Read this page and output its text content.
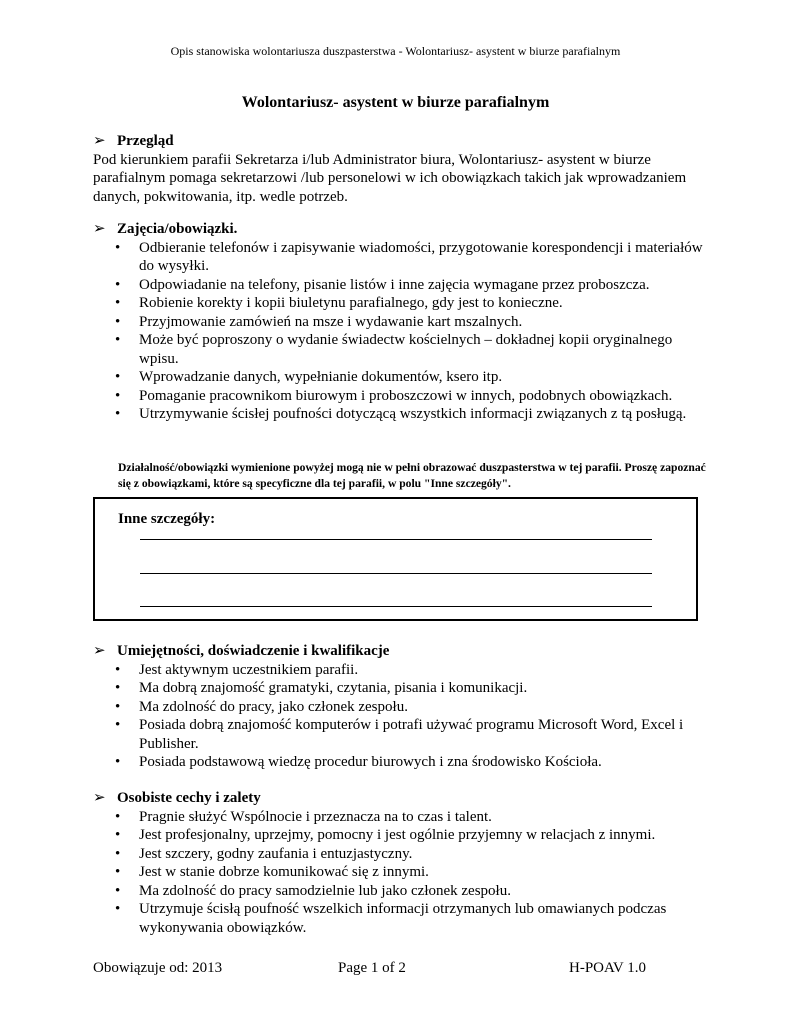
Opis stanowiska wolontariusza duszpasterstwa - Wolontariusz- asystent w biurze parafialnym
Wolontariusz- asystent w biurze parafialnym
➢ Przegląd
Pod kierunkiem parafii Sekretarza i/lub Administrator biura, Wolontariusz- asystent w biurze parafialnym pomaga sekretarzowi /lub personelowi w ich obowiązkach takich jak wprowadzaniem danych, pokwitowania, itp. wedle potrzeb.
➢ Zajęcia/obowiązki.
• Odbieranie telefonów i zapisywanie wiadomości, przygotowanie korespondencji i materiałów do wysyłki.
• Odpowiadanie na telefony, pisanie listów i inne zajęcia wymagane przez proboszcza.
• Robienie korekty i kopii biuletynu parafialnego, gdy jest to konieczne.
• Przyjmowanie zamówień na msze i wydawanie kart mszalnych.
• Może być poproszony o wydanie świadectw kościelnych – dokładnej kopii oryginalnego wpisu.
• Wprowadzanie danych, wypełnianie dokumentów, ksero itp.
• Pomaganie pracownikom biurowym i proboszczowi w innych, podobnych obowiązkach.
• Utrzymywanie ścisłej poufności dotyczącą wszystkich informacji związanych z tą posługą.
Działalność/obowiązki wymienione powyżej mogą nie w pełni obrazować duszpasterstwa w tej parafii. Proszę zapoznać się z obowiązkami, które są specyficzne dla tej parafii, w polu "Inne szczegóły".
Inne szczegóły:
➢ Umiejętności, doświadczenie i kwalifikacje
• Jest aktywnym uczestnikiem parafii.
• Ma dobrą znajomość gramatyki, czytania, pisania i komunikacji.
• Ma zdolność do pracy, jako członek zespołu.
• Posiada dobrą znajomość komputerów i potrafi używać programu Microsoft Word, Excel i Publisher.
• Posiada podstawową wiedzę procedur biurowych i zna środowisko Kościoła.
➢ Osobiste cechy i zalety
• Pragnie służyć Wspólnocie i przeznacza na to czas i talent.
• Jest profesjonalny, uprzejmy, pomocny i jest ogólnie przyjemny w relacjach z innymi.
• Jest szczery, godny zaufania i entuzjastyczny.
• Jest w stanie dobrze komunikować się z innymi.
• Ma zdolność do pracy samodzielnie lub jako członek zespołu.
• Utrzymuje ścisłą poufność wszelkich informacji otrzymanych lub omawianych podczas wykonywania obowiązków.
Obowiązuje od: 2013	Page 1 of 2	H-POAV 1.0
